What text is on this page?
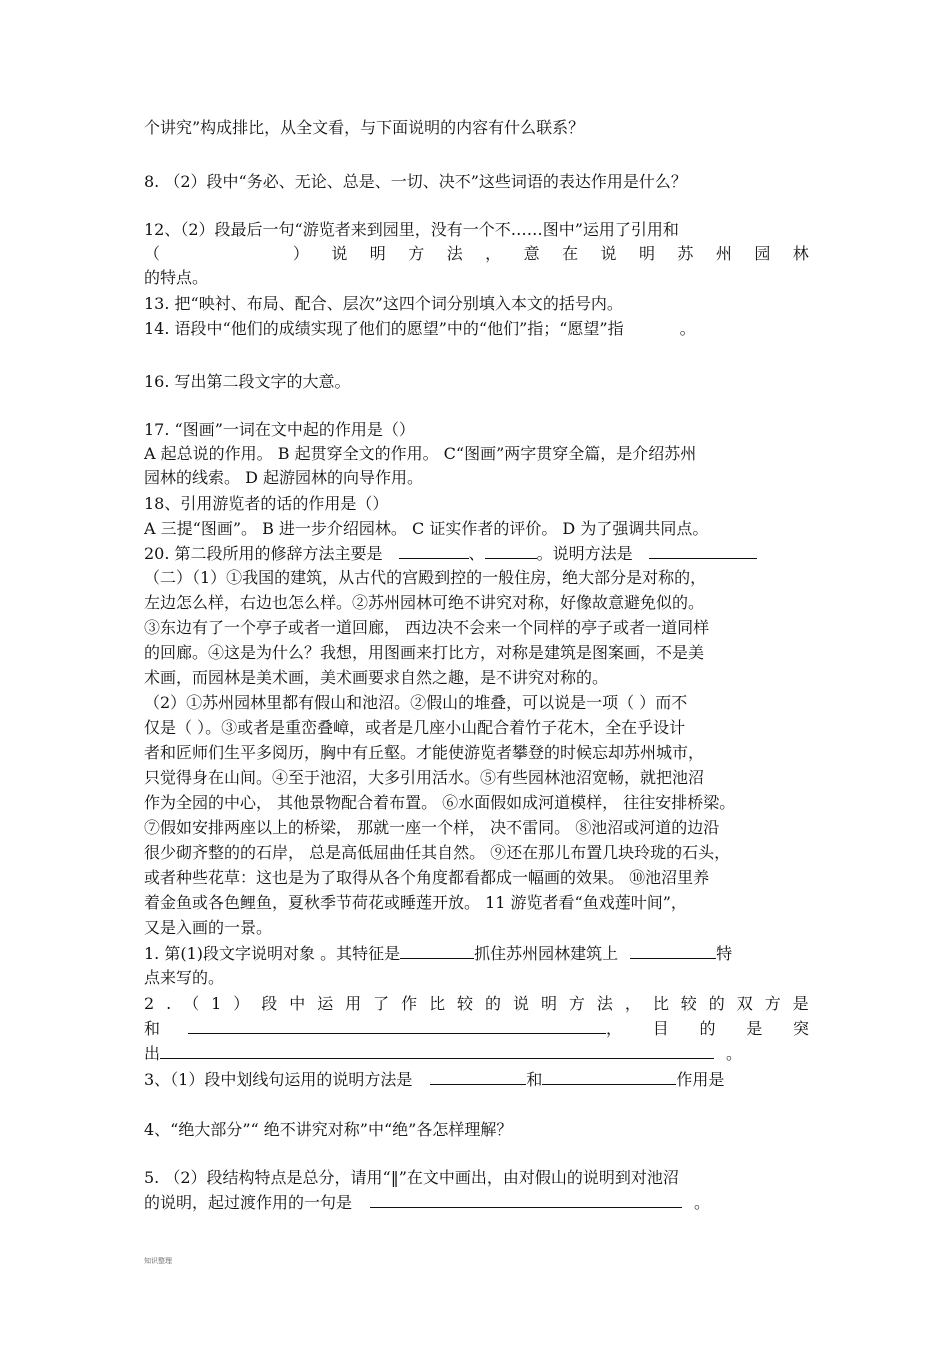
个讲究”构成排比，从全文看，与下面说明的内容有什么联系？
8. （2）段中“务必、无论、总是、一切、决不”这些词语的表达作用是什么？
12、（2）段最后一句“游览者来到园里，没有一个不……图中”运用了引用和
（	） 说 明 方 法 ， 意 在 说 明 苏 州 园 林
的特点。
13. 把“映衬、布局、配合、层次”这四个词分别填入本文的括号内。
14. 语段中“他们的成绩实现了他们的愿望”中的“他们”指；“愿望”指	。
16. 写出第二段文字的大意。
17. “图画”一词在文中起的作用是（）
A 起总说的作用。 B 起贯穿全文的作用。 C“图画”两字贯穿全篇，是介绍苏州
园林的线索。 D 起游园林的向导作用。
18、引用游览者的话的作用是（）
A 三提“图画”。 B 进一步介绍园林。 C 证实作者的评价。 D 为了强调共同点。
20. 第二段所用的修辞方法主要是	、	。说明方法是
（二）（1）①我国的建筑，从古代的宫殿到控的一般住房，绝大部分是对称的，
左边怎么样，右边也怎么样。②苏州园林可绝不讲究对称，好像故意避免似的。
③东边有了一个亭子或者一道回廊， 西边决不会来一个同样的亭子或者一道同样
的回廊。④这是为什么？我想，用图画来打比方，对称是建筑是图案画，不是美
术画，而园林是美术画，美术画要求自然之趣，是不讲究对称的。
（2）①苏州园林里都有假山和池沼。②假山的堆叠，可以说是一项（ ）而不
仅是（ ）。③或者是重峦叠嶂，或者是几座小山配合着竹子花木，全在乎设计
者和匠师们生平多阅历，胸中有丘壑。才能使游览者攀登的时候忘却苏州城市，
只觉得身在山间。④至于池沼，大多引用活水。⑤有些园林池沼宽畅，就把池沼
作为全园的中心， 其他景物配合着布置。 ⑥水面假如成河道模样， 往往安排桥梁。
⑦假如安排两座以上的桥梁， 那就一座一个样， 决不雷同。 ⑧池沼或河道的边沿
很少砌齐整的的石岸， 总是高低屈曲任其自然。 ⑨还在那儿布置几块玲珑的石头，
或者种些花草：这也是为了取得从各个角度都看都成一幅画的效果。 ⑩池沼里养
着金鱼或各色鲤鱼，夏秋季节荷花或睡莲开放。 11 游览者看“鱼戏莲叶间”，
又是入画的一景。
1. 第(1)段文字说明对象 。其特征是	抓住苏州园林建筑上	特
点来写的。
2 . （ 1 ） 段 中 运 用 了 作 比 较 的 说 明 方 法 ， 比 较 的 双 方 是
和	， 目 的 是 突
出	。
3、（1）段中划线句运用的说明方法是	和	作用是
4、“绝大部分”“ 绝不讲究对称”中“绝”各怎样理解？
5. （2）段结构特点是总分，请用“‖”在文中画出，由对假山的说明到对池沼
的说明，起过渡作用的一句是	。
知识整理
